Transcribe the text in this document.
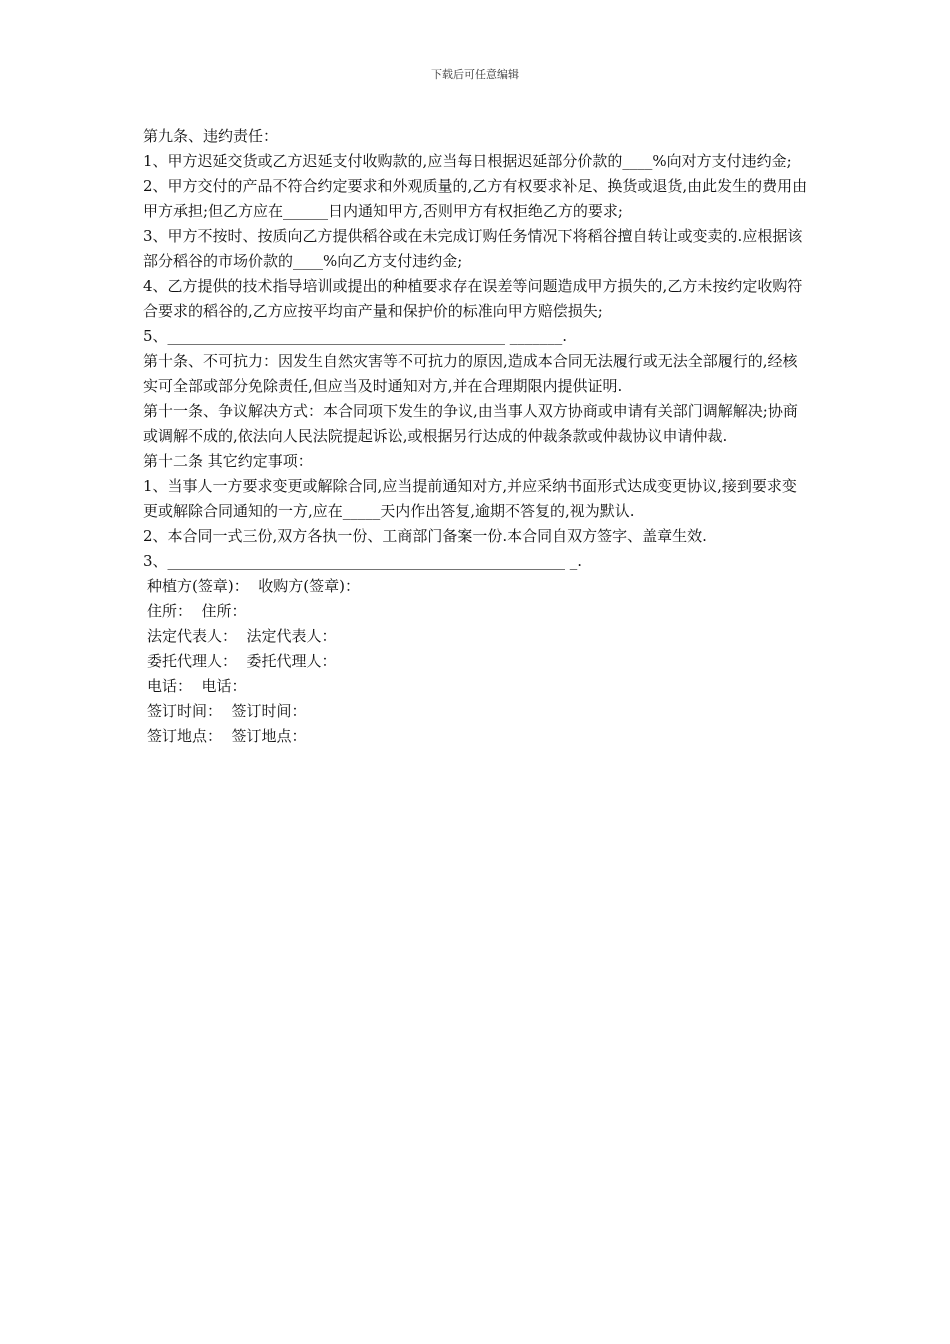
下载后可任意编辑

第九条、违约责任：

1、甲方迟延交货或乙方迟延支付收购款的,应当每日根据迟延部分价款的____%向对方支付违约金;

2、甲方交付的产品不符合约定要求和外观质量的,乙方有权要求补足、换货或退货,由此发生的费用由甲方承担;但乙方应在______日内通知甲方,否则甲方有权拒绝乙方的要求;

3、甲方不按时、按质向乙方提供稻谷或在未完成订购任务情况下将稻谷擅自转让或变卖的.应根据该部分稻谷的市场价款的____%向乙方支付违约金;

4、乙方提供的技术指导培训或提出的种植要求存在误差等问题造成甲方损失的,乙方未按约定收购符合要求的稻谷的,乙方应按平均亩产量和保护价的标准向甲方赔偿损失;

5、_____________________________________________ _______.

第十条、不可抗力：因发生自然灾害等不可抗力的原因,造成本合同无法履行或无法全部履行的,经核实可全部或部分免除责任,但应当及时通知对方,并在合理期限内提供证明.

第十一条、争议解决方式：本合同项下发生的争议,由当事人双方协商或申请有关部门调解解决;协商或调解不成的,依法向人民法院提起诉讼,或根据另行达成的仲裁条款或仲裁协议申请仲裁.

第十二条 其它约定事项：

1、当事人一方要求变更或解除合同,应当提前通知对方,并应采纳书面形式达成变更协议,接到要求变更或解除合同通知的一方,应在_____天内作出答复,逾期不答复的,视为默认.

2、本合同一式三份,双方各执一份、工商部门备案一份.本合同自双方签字、盖章生效.

3、_____________________________________________________ _.

种植方(签章)：  收购方(签章)：

住所：  住所：

法定代表人：  法定代表人：

委托代理人：  委托代理人：

电话：  电话：

签订时间：  签订时间：

签订地点：  签订地点：
